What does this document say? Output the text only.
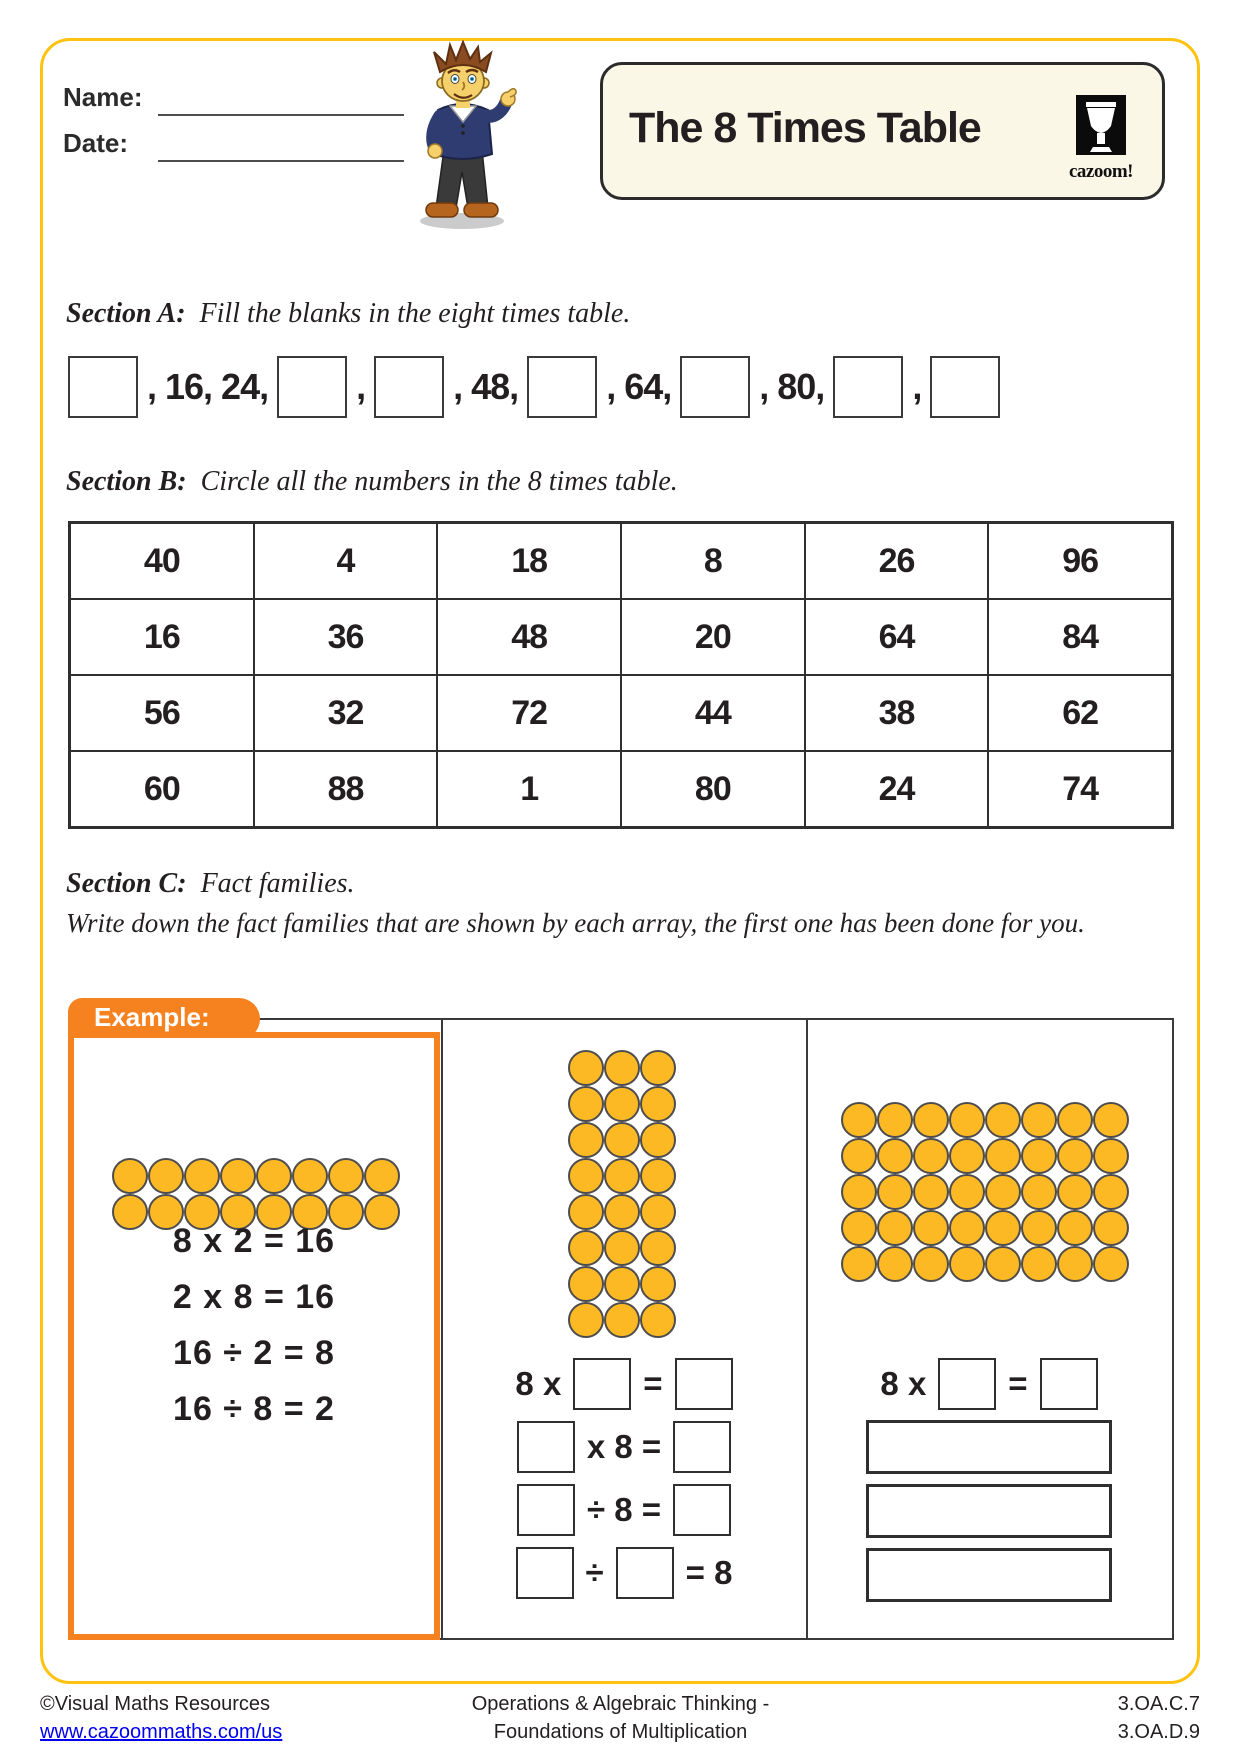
Name:
Date:	The 8 Times Table
cazoom!
Section A: Fill the blanks in the eight times table.
, 16, 24, , , 48, , 64, , 80, ,
Section B: Circle all the numbers in the 8 times table.
40	4	18	8	26	96
16	36	48	20	64	84
56	32	72	44	38	62
60	88	1	80	24	74
Section C: Fact families.
Write down the fact families that are shown by each array, the first one has been done for you.
Example:
8 x 2 = 16
2 x 8 = 16
16 ÷ 2 = 8
16 ÷ 8 = 2
8 x =
x 8 =
÷ 8 =
÷ = 8
8 x =
©Visual Maths Resources
www.cazoommaths.com/us
Operations & Algebraic Thinking -
Foundations of Multiplication
3.OA.C.7
3.OA.D.9
